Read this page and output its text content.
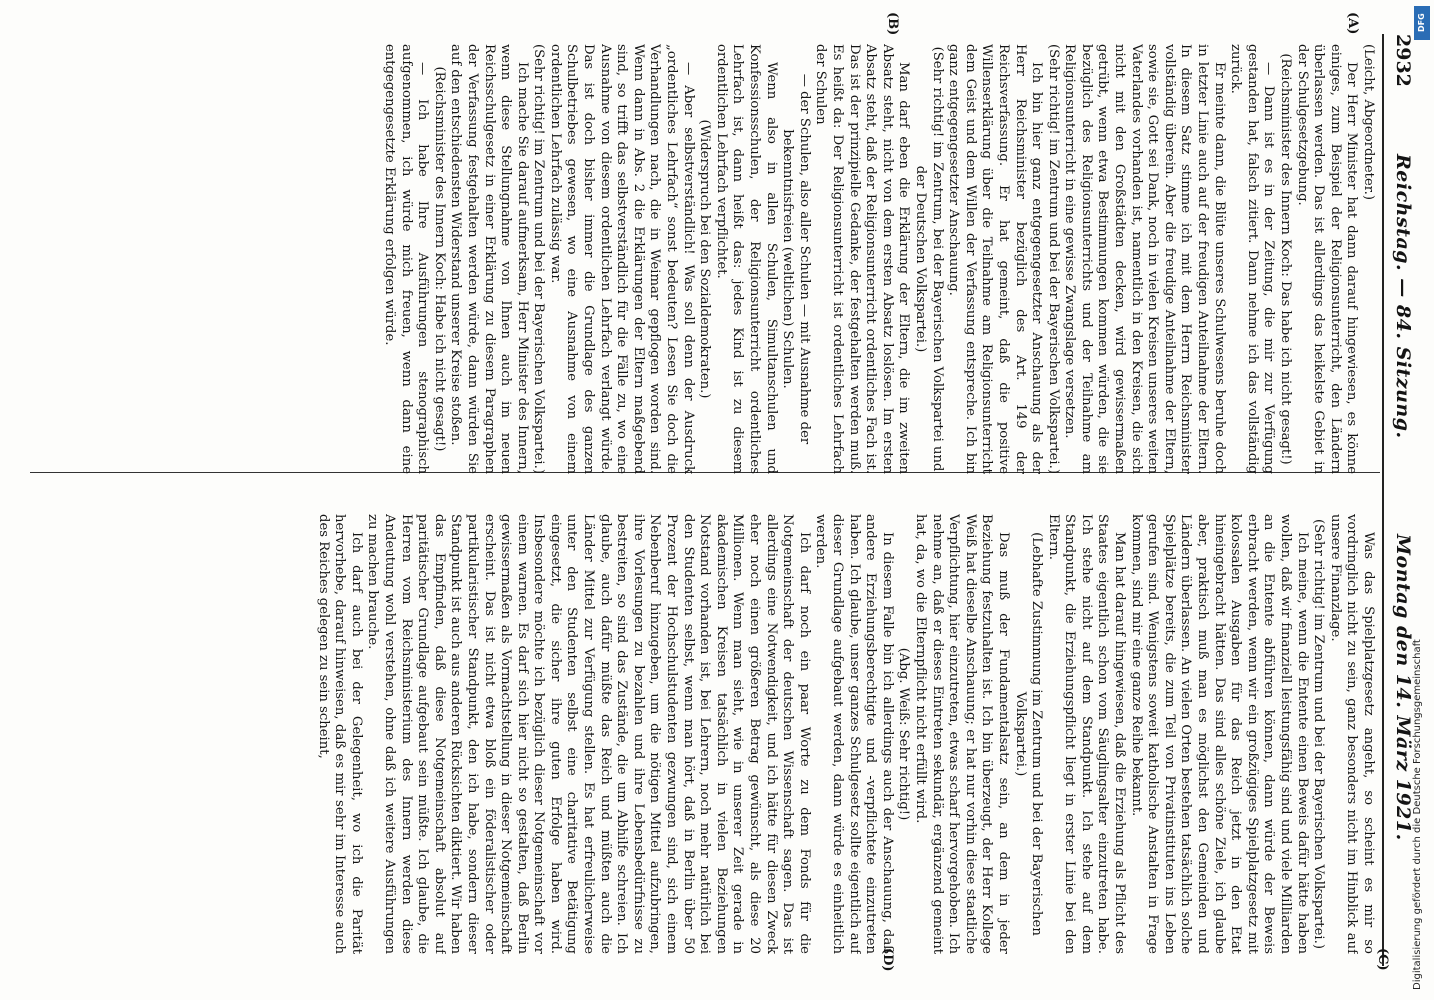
2932
Reichstag. — 84. Sitzung.
Montag den 14. März 1921.

(Leicht, Abgeordneter.)

Der Herr Minister hat dann darauf hingewiesen, es könne einiges, zum Beispiel der Religionsunterricht, den Ländern überlassen werden. Das ist allerdings das heikelste Gebiet in der Schulgesetzgebung.

(Reichsminister des Innern Koch: Das habe ich nicht gesagt!)

— Dann ist es in der Zeitung, die mir zur Verfügung gestanden hat, falsch zitiert. Dann nehme ich das vollständig zurück.

Er meinte dann, die Blüte unseres Schulwesens beruhe doch in letzter Linie auch auf der freudigen Anteilnahme der Eltern. In diesem Satz stimme ich mit dem Herrn Reichsminister vollständig überein. Aber die freudige Anteilnahme der Eltern, sowie sie, Gott sei Dank, noch in vielen Kreisen unseres weiten Vaterlandes vorhanden ist, namentlich in den Kreisen, die sich nicht mit den Großstädten decken, wird gewissermaßen getrübt, wenn etwa Bestimmungen kommen würden, die sie bezüglich des Religionsunterrichts und der Teilnahme am Religionsunterricht in eine gewisse Zwangslage versetzen.

(Sehr richtig! im Zentrum und bei der Bayerischen Volkspartei.)

Ich bin hier ganz entgegengesetzter Anschauung als der Herr Reichsminister bezüglich des Art. 149 der Reichsverfassung. Er hat gemeint, daß die positive Willenserklärung über die Teilnahme am Religionsunterricht dem Geist und dem Willen der Verfassung entspreche. Ich bin ganz entgegengesetzter Anschauung.

(Sehr richtig! im Zentrum, bei der Bayerischen Volkspartei und der Deutschen Volkspartei.)

Man darf eben die Erklärung der Eltern, die im zweiten Absatz steht, nicht von dem ersten Absatz loslösen. Im ersten Absatz steht, daß der Religionsunterricht ordentliches Fach ist. Das ist der prinzipielle Gedanke, der festgehalten werden muß. Es heißt da: Der Religionsunterricht ist ordentliches Lehrfach der Schulen

— der Schulen, also aller Schulen — mit Ausnahme der bekenntnisfreien (weltlichen) Schulen.

Wenn also in allen Schulen, Simultanschulen und Konfessionsschulen, der Religionsunterricht ordentliches Lehrfach ist, dann heißt das: jedes Kind ist zu diesem ordentlichen Lehrfach verpflichtet.

(Widerspruch bei den Sozialdemokraten.)

— Aber selbstverständlich! Was soll denn der Ausdruck „ordentliches Lehrfach“ sonst bedeuten? Lesen Sie doch die Verhandlungen nach, die in Weimar gepflogen worden sind. Wenn dann in Abs. 2 die Erklärungen der Eltern maßgebend sind, so trifft das selbstverständlich für die Fälle zu, wo eine Ausnahme von diesem ordentlichen Lehrfach verlangt würde. Das ist doch bisher immer die Grundlage des ganzen Schulbetriebes gewesen, wo eine Ausnahme von einem ordentlichen Lehrfach zulässig war.

(Sehr richtig! im Zentrum und bei der Bayerischen Volkspartei.)

Ich mache Sie darauf aufmerksam, Herr Minister des Innern, wenn diese Stellungnahme von Ihnen auch im neuen Reichsschulgesetz in einer Erklärung zu diesem Paragraphen der Verfassung festgehalten werden würde, dann würden Sie auf den entschiedensten Widerstand unserer Kreise stoßen.

(Reichsminister des Innern Koch: Habe ich nicht gesagt!)

— Ich habe Ihre Ausführungen stenographisch aufgenommen, ich würde mich freuen, wenn dann eine entgegengesetzte Erklärung erfolgen würde.

Was das Spielplatzgesetz angeht, so scheint es mir so vordringlich nicht zu sein, ganz besonders nicht im Hinblick auf unsere Finanzlage.

(Sehr richtig! im Zentrum und bei der Bayerischen Volkspartei.)

Ich meine, wenn die Entente einen Beweis dafür hätte haben wollen, daß wir finanziell leistungsfähig sind und viele Milliarden an die Entente abführen können, dann würde der Beweis erbracht werden, wenn wir ein großzügiges Spielplatzgesetz mit kolossalen Ausgaben für das Reich jetzt in den Etat hineingebracht hätten. Das sind alles schöne Ziele, ich glaube aber, praktisch muß man es möglichst den Gemeinden und Ländern überlassen. An vielen Orten bestehen tatsächlich solche Spielplätze bereits, die zum Teil von Privatinstituten ins Leben gerufen sind. Wenigstens soweit katholische Anstalten in Frage kommen, sind mir eine ganze Reihe bekannt.

Man hat darauf hingewiesen, daß die Erziehung als Pflicht des Staates eigentlich schon vom Säuglingsalter einzutreten habe. Ich stehe nicht auf dem Standpunkt. Ich stehe auf dem Standpunkt, die Erziehungspflicht liegt in erster Linie bei den Eltern.

(Lebhafte Zustimmung im Zentrum und bei der Bayerischen Volkspartei.)

Das muß der Fundamentalsatz sein, an dem in jeder Beziehung festzuhalten ist. Ich bin überzeugt, der Herr Kollege Weiß hat dieselbe Anschauung; er hat nur vorhin diese staatliche Verpflichtung, hier einzutreten, etwas scharf hervorgehoben. Ich nehme an, daß er dieses Eintreten sekundär, ergänzend gemeint hat, da, wo die Elternpflicht nicht erfüllt wird.

(Abg. Weiß: Sehr richtig!)

In diesem Falle bin ich allerdings auch der Anschauung, daß andere Erziehungsberechtigte und -verpflichtete einzutreten haben. Ich glaube, unser ganzes Schulgesetz sollte eigentlich auf dieser Grundlage aufgebaut werden, dann würde es einheitlich werden.

Ich darf noch ein paar Worte zu dem Fonds für die Notgemeinschaft der deutschen Wissenschaft sagen. Das ist allerdings eine Notwendigkeit, und ich hätte für diesen Zweck eher noch einen größeren Betrag gewünscht, als diese 20 Millionen. Wenn man sieht, wie in unserer Zeit gerade in akademischen Kreisen tatsächlich in vielen Beziehungen Notstand vorhanden ist, bei Lehrern, noch mehr natürlich bei den Studenten selbst, wenn man hört, daß in Berlin über 50 Prozent der Hochschulstudenten gezwungen sind, sich einem Nebenberuf hinzugeben, um die nötigen Mittel aufzubringen, ihre Vorlesungen zu bezahlen und ihre Lebensbedürfnisse zu bestreiten, so sind das Zustände, die um Abhilfe schreien. Ich glaube, auch dafür müßte das Reich und müßten auch die Länder Mittel zur Verfügung stellen. Es hat erfreulicherweise unter den Studenten selbst eine charitative Betätigung eingesetzt, die sicher ihre guten Erfolge haben wird. Insbesondere möchte ich bezüglich dieser Notgemeinschaft vor einem warnen. Es darf sich hier nicht so gestalten, daß Berlin gewissermaßen als Vormachtstellung in dieser Notgemeinschaft erscheint. Das ist nicht etwa bloß ein föderalistischer oder partikularistischer Standpunkt, den ich habe, sondern dieser Standpunkt ist auch aus anderen Rücksichten diktiert. Wir haben das Empfinden, daß diese Notgemeinschaft absolut auf paritätischer Grundlage aufgebaut sein müßte. Ich glaube, die Herren vom Reichsministerium des Innern werden diese Andeutung wohl verstehen, ohne daß ich weitere Ausführungen zu machen brauche.

Ich darf auch bei der Gelegenheit, wo ich die Parität hervorhebe, darauf hinweisen, daß es mir sehr im Interesse auch des Reiches gelegen zu sein scheint,

(A)
(B)
(C)
(D)
DFG
Digitalisierung gefördert durch die Deutsche Forschungsgemeinschaft
